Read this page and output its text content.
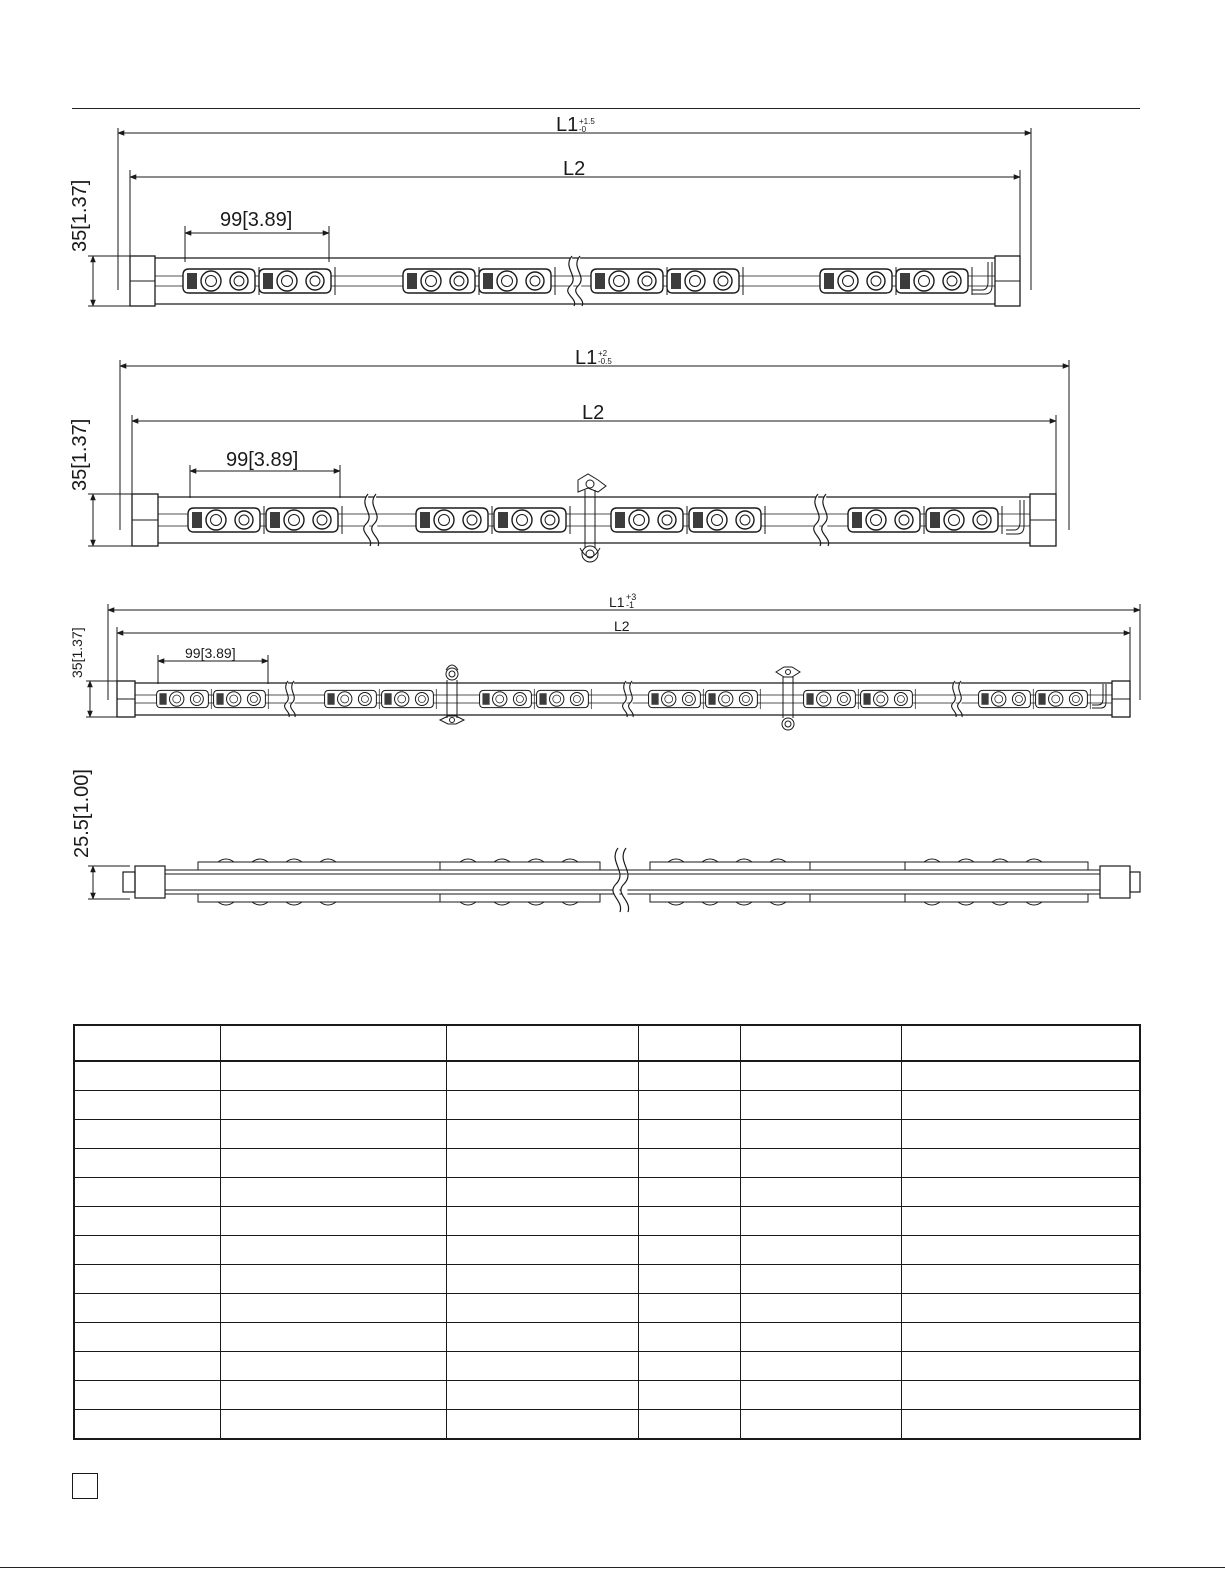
L1 +1.5
-0
L2
99[3.89]
35[1.37]
L1 +2
-0.5
L2
99[3.89]
35[1.37]
L1 +3
-1
L2
99[3.89]
35[1.37]
25.5[1.00]
